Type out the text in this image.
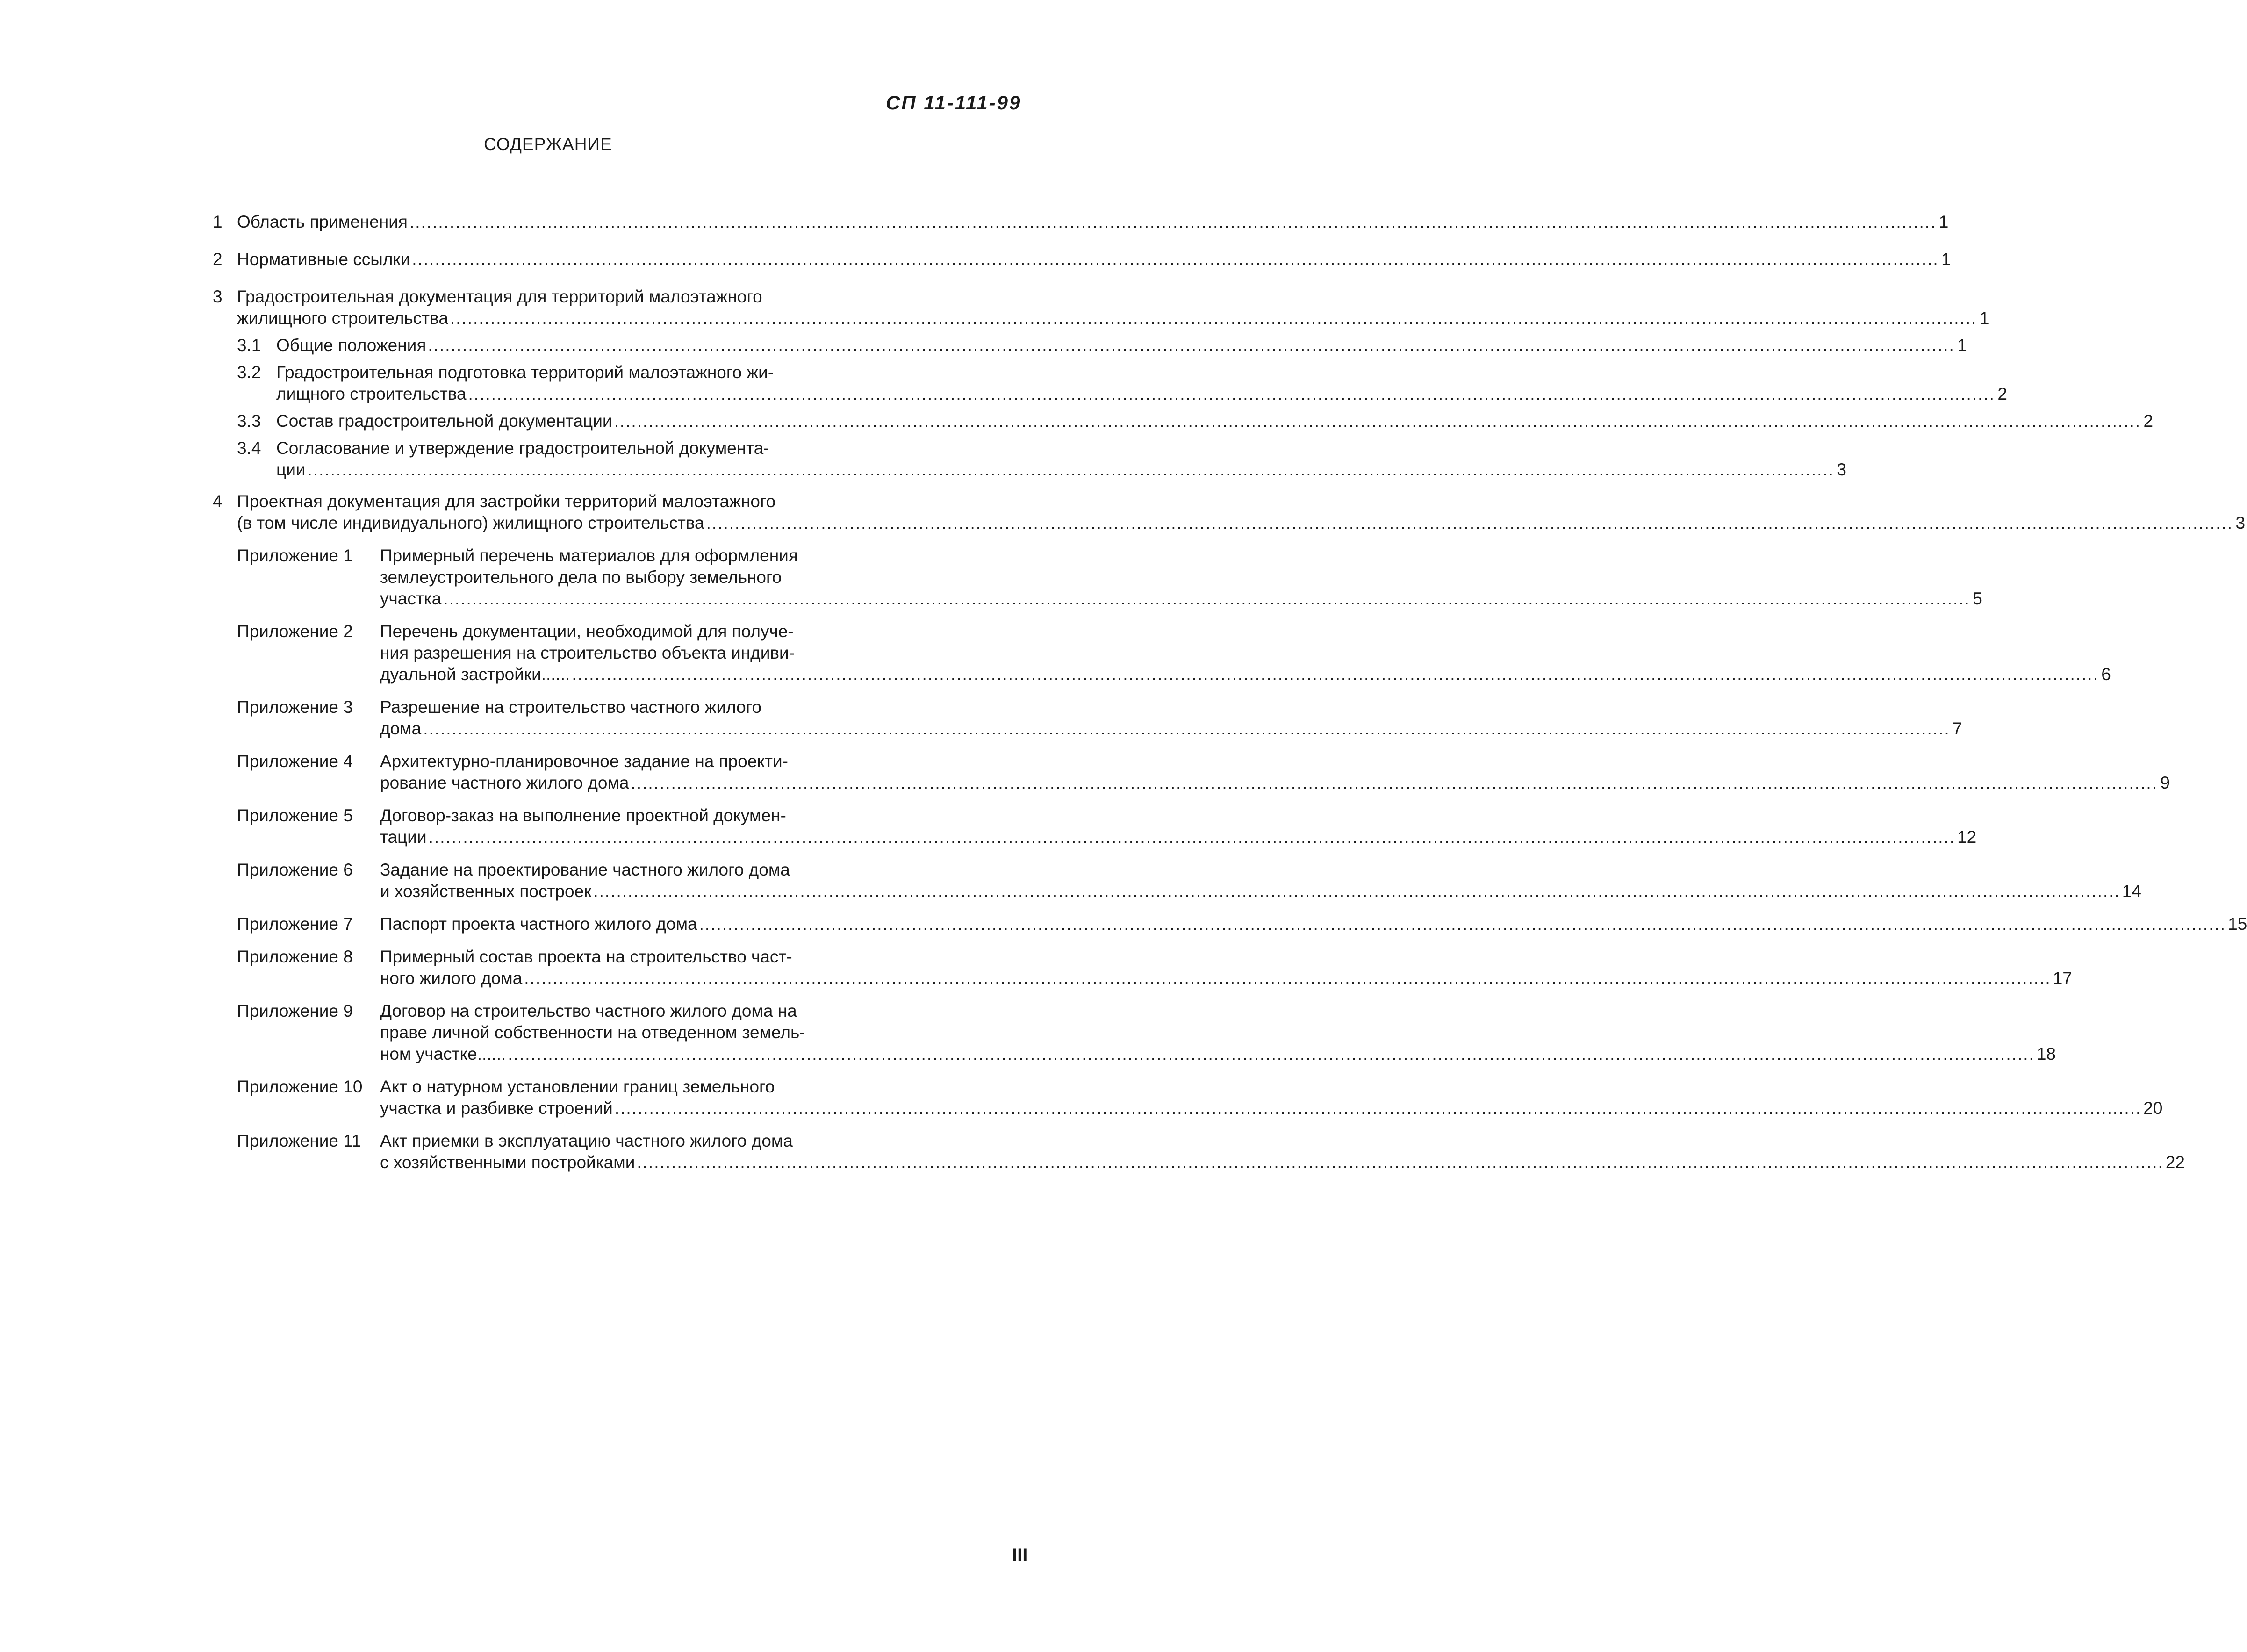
СП 11-111-99
СОДЕРЖАНИЕ
1 Область применения .....	1
2 Нормативные ссылки .....	1
3 Градостроительная документация для территорий малоэтажного
жилищного строительства .....	1
3.1 Общие положения .....	1
3.2 Градостроительная подготовка территорий малоэтажного жи-
лищного строительства .....	2
3.3 Состав градостроительной документации .....	2
3.4 Согласование и утверждение градостроительной документа-
ции .....	3
4 Проектная документация для застройки территорий малоэтажного
(в том числе индивидуального) жилищного строительства .....	3
Приложение 1	Примерный перечень материалов для оформления
землеустроительного дела по выбору земельного
участка .....	5
Приложение 2	Перечень документации, необходимой для получе-
ния разрешения на строительство объекта индиви-
дуальной застройки...... .....	6
Приложение 3	Разрешение на строительство частного жилого
дома .....	7
Приложение 4	Архитектурно-планировочное задание на проекти-
рование частного жилого дома .....	9
Приложение 5	Договор-заказ на выполнение проектной докумен-
тации .....	12
Приложение 6	Задание на проектирование частного жилого дома
и хозяйственных построек .....	14
Приложение 7	Паспорт проекта частного жилого дома .....	15
Приложение 8	Примерный состав проекта на строительство част-
ного жилого дома .....	17
Приложение 9	Договор на строительство частного жилого дома на
праве личной собственности на отведенном земель-
ном участке...... .....	18
Приложение 10	Акт о натурном установлении границ земельного
участка и разбивке строений .....	20
Приложение 11	Акт приемки в эксплуатацию частного жилого дома
с хозяйственными постройками .....	22
III
